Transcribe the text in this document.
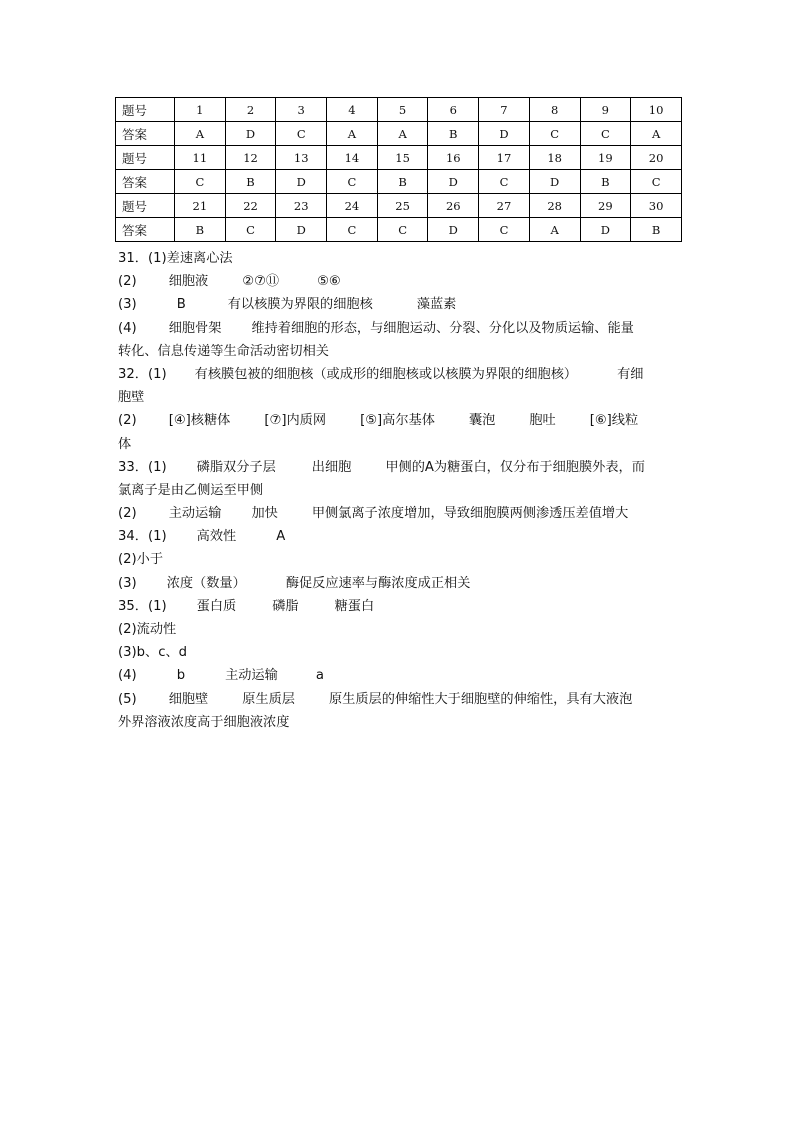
题号	1	2	3	4	5	6	7	8	9	10
答案	A	D	C	A	A	B	D	C	C	A
题号	11	12	13	14	15	16	17	18	19	20
答案	C	B	D	C	B	D	C	D	B	C
题号	21	22	23	24	25	26	27	28	29	30
答案	B	C	D	C	C	D	C	A	D	B
31．(1)差速离心法
(2) 细胞液	②⑦⑪	⑤⑥
(3)	B	有以核膜为界限的细胞核	藻蓝素
(4) 细胞骨架 维持着细胞的形态，与细胞运动、分裂、分化以及物质运输、能量
转化、信息传递等生命活动密切相关
32．(1) 有核膜包被的细胞核（或成形的细胞核或以核膜为界限的细胞核）	有细
胞壁
(2) [④]核糖体	[⑦]内质网	[⑤]高尔基体	囊泡	胞吐	[⑥]线粒
体
33．(1) 磷脂双分子层	出细胞	甲侧的A为糖蛋白，仅分布于细胞膜外表，而
氯离子是由乙侧运至甲侧
(2) 主动运输 加快	甲侧氯离子浓度增加，导致细胞膜两侧渗透压差值增大
34．(1) 高效性	A
(2)小于
(3) 浓度（数量）	酶促反应速率与酶浓度成正相关
35．(1) 蛋白质	磷脂	糖蛋白
(2)流动性
(3)b、c、d
(4)	b	主动运输	a
(5) 细胞壁	原生质层	原生质层的伸缩性大于细胞壁的伸缩性，具有大液泡
外界溶液浓度高于细胞液浓度
